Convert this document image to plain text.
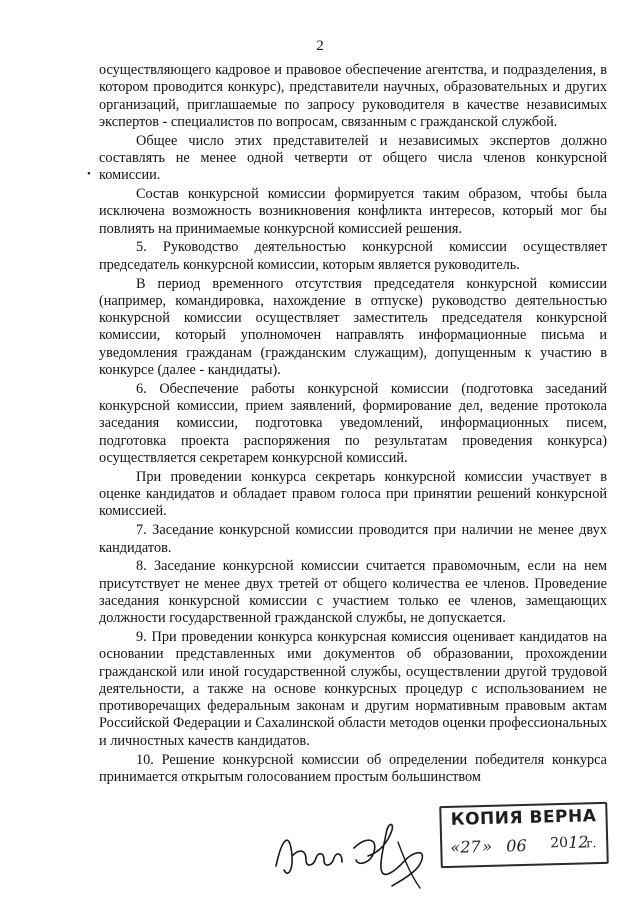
2
•

осуществляющего кадровое и правовое обеспечение агентства, и подразделения, в котором проводится конкурс), представители научных, образовательных и других организаций, приглашаемые по запросу руководителя в качестве независимых экспертов - специалистов по вопросам, связанным с гражданской службой.

Общее число этих представителей и независимых экспертов должно составлять не менее одной четверти от общего числа членов конкурсной комиссии.

Состав конкурсной комиссии формируется таким образом, чтобы была исключена возможность возникновения конфликта интересов, который мог бы повлиять на принимаемые конкурсной комиссией решения.

5. Руководство деятельностью конкурсной комиссии осуществляет председатель конкурсной комиссии, которым является руководитель.

В период временного отсутствия председателя конкурсной комиссии (например, командировка, нахождение в отпуске) руководство деятельностью конкурсной комиссии осуществляет заместитель председателя конкурсной комиссии, который уполномочен направлять информационные письма и уведомления гражданам (гражданским служащим), допущенным к участию в конкурсе (далее - кандидаты).

6. Обеспечение работы конкурсной комиссии (подготовка заседаний конкурсной комиссии, прием заявлений, формирование дел, ведение протокола заседания комиссии, подготовка уведомлений, информационных писем, подготовка проекта распоряжения по результатам проведения конкурса) осуществляется секретарем конкурсной комиссий.

При проведении конкурса секретарь конкурсной комиссии участвует в оценке кандидатов и обладает правом голоса при принятии решений конкурсной комиссией.

7. Заседание конкурсной комиссии проводится при наличии не менее двух кандидатов.

8. Заседание конкурсной комиссии считается правомочным, если на нем присутствует не менее двух третей от общего количества ее членов. Проведение заседания конкурсной комиссии с участием только ее членов, замещающих должности государственной гражданской службы, не допускается.

9. При проведении конкурса конкурсная комиссия оценивает кандидатов на основании представленных ими документов об образовании, прохождении гражданской или иной государственной службы, осуществлении другой трудовой деятельности, а также на основе конкурсных процедур с использованием не противоречащих федеральным законам и другим нормативным правовым актам Российской Федерации и Сахалинской области методов оценки профессиональных и личностных качеств кандидатов.

10. Решение конкурсной комиссии об определении победителя конкурса принимается открытым голосованием простым большинством

КОПИЯ ВЕРНА
« 27 » 06 20 12
г.
